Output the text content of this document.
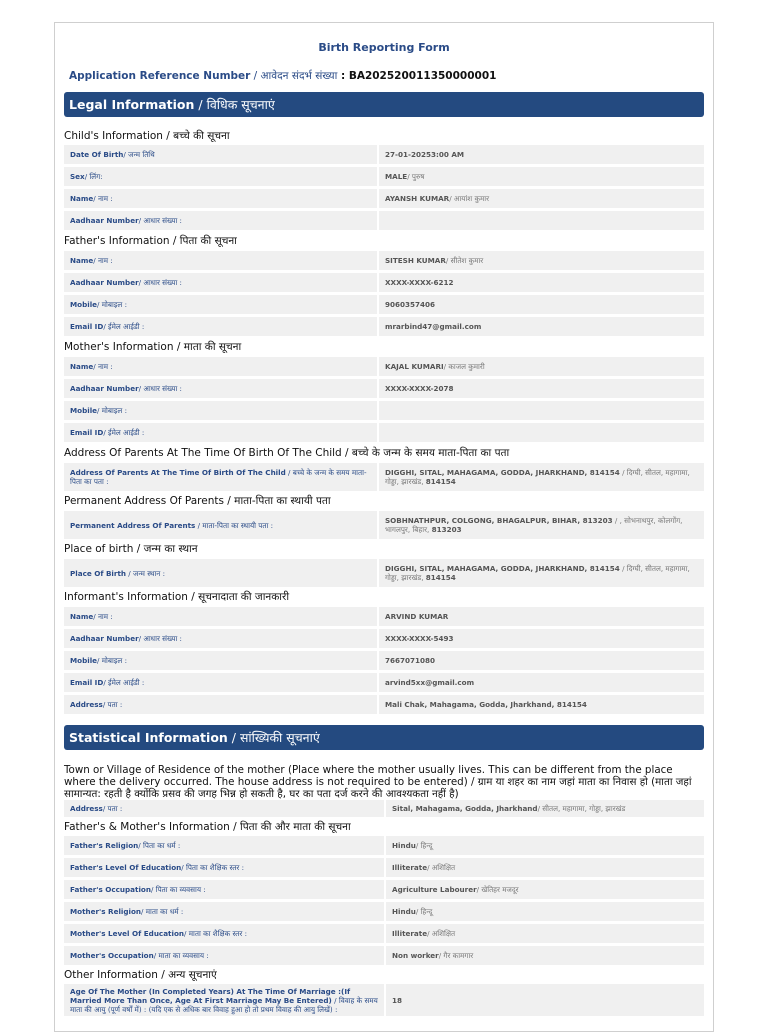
Birth Reporting Form
Application Reference Number / आवेदन संदर्भ संख्या : BA202520011350000001
Legal Information / विधिक सूचनाएं
Child's Information / बच्चे की सूचना
Date Of Birth / जन्म तिथि	27-01-20253:00 AM
Sex / लिंग:	MALE / पुरुष
Name / नाम :	AYANSH KUMAR / आयांश कुमार
Aadhaar Number / आधार संख्या :
Father's Information / पिता की सूचना
Name / नाम :	SITESH KUMAR / सीतेश कुमार
Aadhaar Number / आधार संख्या :	XXXX-XXXX-6212
Mobile / मोबाइल :	9060357406
Email ID / ईमेल आईडी :	mrarbind47@gmail.com
Mother's Information / माता की सूचना
Name / नाम :	KAJAL KUMARI / काजल कुमारी
Aadhaar Number / आधार संख्या :	XXXX-XXXX-2078
Mobile / मोबाइल :
Email ID / ईमेल आईडी :
Address Of Parents At The Time Of Birth Of The Child / बच्चे के जन्म के समय माता-पिता का पता
Address Of Parents At The Time Of Birth Of The Child / बच्चे के जन्म के समय माता-पिता का पता :
DIGGHI, SITAL, MAHAGAMA, GODDA, JHARKHAND, 814154 / दिग्घी, सीतल, महागामा, गोड्डा, झारखंड, 814154
Permanent Address Of Parents / माता-पिता का स्थायी पता
Permanent Address Of Parents / माता-पिता का स्थायी पता :	SOBHNATHPUR, COLGONG, BHAGALPUR, BIHAR, 813203 / , सोभनाथपुर, कोलगोंग, भागलपुर, बिहार, 813203
Place of birth / जन्म का स्थान
Place Of Birth / जन्म स्थान :	DIGGHI, SITAL, MAHAGAMA, GODDA, JHARKHAND, 814154 / दिग्घी, सीतल, महागामा, गोड्डा, झारखंड, 814154
Informant's Information / सूचनादाता की जानकारी
Name / नाम :	ARVIND KUMAR
Aadhaar Number / आधार संख्या :	XXXX-XXXX-5493
Mobile / मोबाइल :	7667071080
Email ID / ईमेल आईडी :	arvind5xx@gmail.com
Address / पता :	Mali Chak, Mahagama, Godda, Jharkhand, 814154
Statistical Information / सांख्यिकी सूचनाएं
Town or Village of Residence of the mother (Place where the mother usually lives. This can be different from the place where the delivery occurred. The house address is not required to be entered) / ग्राम या शहर का नाम जहां माता का निवास हो (माता जहां सामान्यत: रहती है क्योंकि प्रसव की जगह भिन्न हो सकती है, घर का पता दर्ज करने की आवश्यकता नहीं है)
Address / पता :	Sital, Mahagama, Godda, Jharkhand / सीतल, महागामा, गोड्डा, झारखंड
Father's & Mother's Information / पिता की और माता की सूचना
Father's Religion / पिता का धर्म :	Hindu / हिन्दू
Father's Level Of Education / पिता का शैक्षिक स्तर :	Illiterate / अशिक्षित
Father's Occupation / पिता का व्यवसाय :	Agriculture Labourer / खेतिहर मजदूर
Mother's Religion / माता का धर्म :	Hindu / हिन्दू
Mother's Level Of Education / माता का शैक्षिक स्तर :	Illiterate / अशिक्षित
Mother's Occupation / माता का व्यवसाय :	Non worker / गैर कामगार
Other Information / अन्य सूचनाएं
Age Of The Mother (In Completed Years) At The Time Of Marriage :(If Married More Than Once, Age At First Marriage May Be Entered) / विवाह के समय माता की आयु (पूर्ण वर्षों में) : (यदि एक से अधिक बार विवाह हुआ हो तो प्रथम विवाह की आयु लिखें) :
18
